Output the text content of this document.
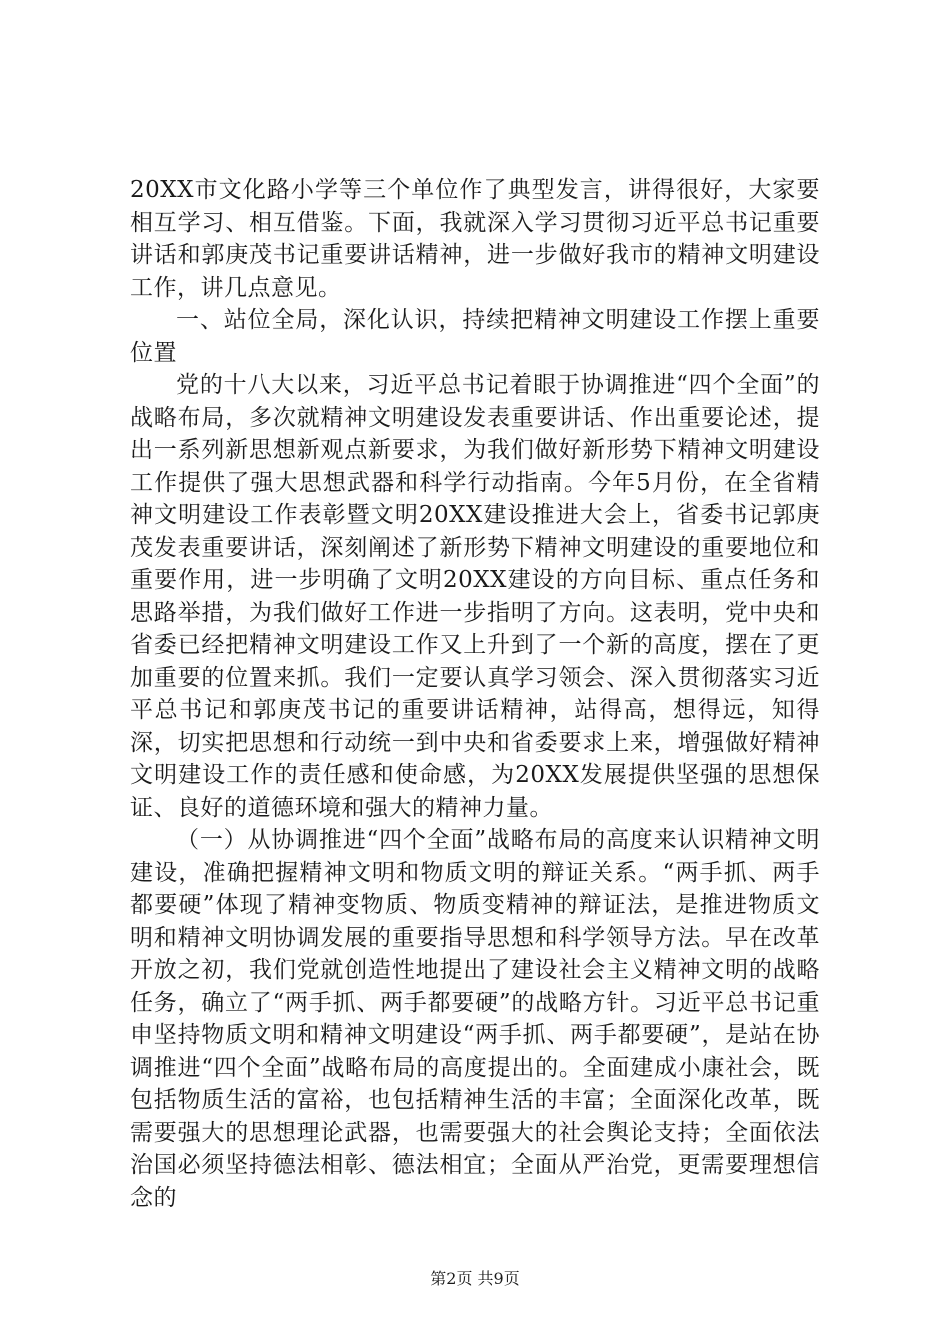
20XX市文化路小学等三个单位作了典型发言，讲得很好，大家要相互学习、相互借鉴。下面，我就深入学习贯彻习近平总书记重要讲话和郭庚茂书记重要讲话精神，进一步做好我市的精神文明建设工作，讲几点意见。

一、站位全局，深化认识，持续把精神文明建设工作摆上重要位置

党的十八大以来，习近平总书记着眼于协调推进“四个全面”的战略布局，多次就精神文明建设发表重要讲话、作出重要论述，提出一系列新思想新观点新要求，为我们做好新形势下精神文明建设工作提供了强大思想武器和科学行动指南。今年5月份，在全省精神文明建设工作表彰暨文明20XX建设推进大会上，省委书记郭庚茂发表重要讲话，深刻阐述了新形势下精神文明建设的重要地位和重要作用，进一步明确了文明20XX建设的方向目标、重点任务和思路举措，为我们做好工作进一步指明了方向。这表明，党中央和省委已经把精神文明建设工作又上升到了一个新的高度，摆在了更加重要的位置来抓。我们一定要认真学习领会、深入贯彻落实习近平总书记和郭庚茂书记的重要讲话精神，站得高，想得远，知得深，切实把思想和行动统一到中央和省委要求上来，增强做好精神文明建设工作的责任感和使命感，为20XX发展提供坚强的思想保证、良好的道德环境和强大的精神力量。

（一）从协调推进“四个全面”战略布局的高度来认识精神文明建设，准确把握精神文明和物质文明的辩证关系。“两手抓、两手都要硬”体现了精神变物质、物质变精神的辩证法，是推进物质文明和精神文明协调发展的重要指导思想和科学领导方法。早在改革开放之初，我们党就创造性地提出了建设社会主义精神文明的战略任务，确立了“两手抓、两手都要硬”的战略方针。习近平总书记重申坚持物质文明和精神文明建设“两手抓、两手都要硬”，是站在协调推进“四个全面”战略布局的高度提出的。全面建成小康社会，既包括物质生活的富裕，也包括精神生活的丰富；全面深化改革，既需要强大的思想理论武器，也需要强大的社会舆论支持；全面依法治国必须坚持德法相彰、德法相宜；全面从严治党，更需要理想信念的

第2页 共9页
